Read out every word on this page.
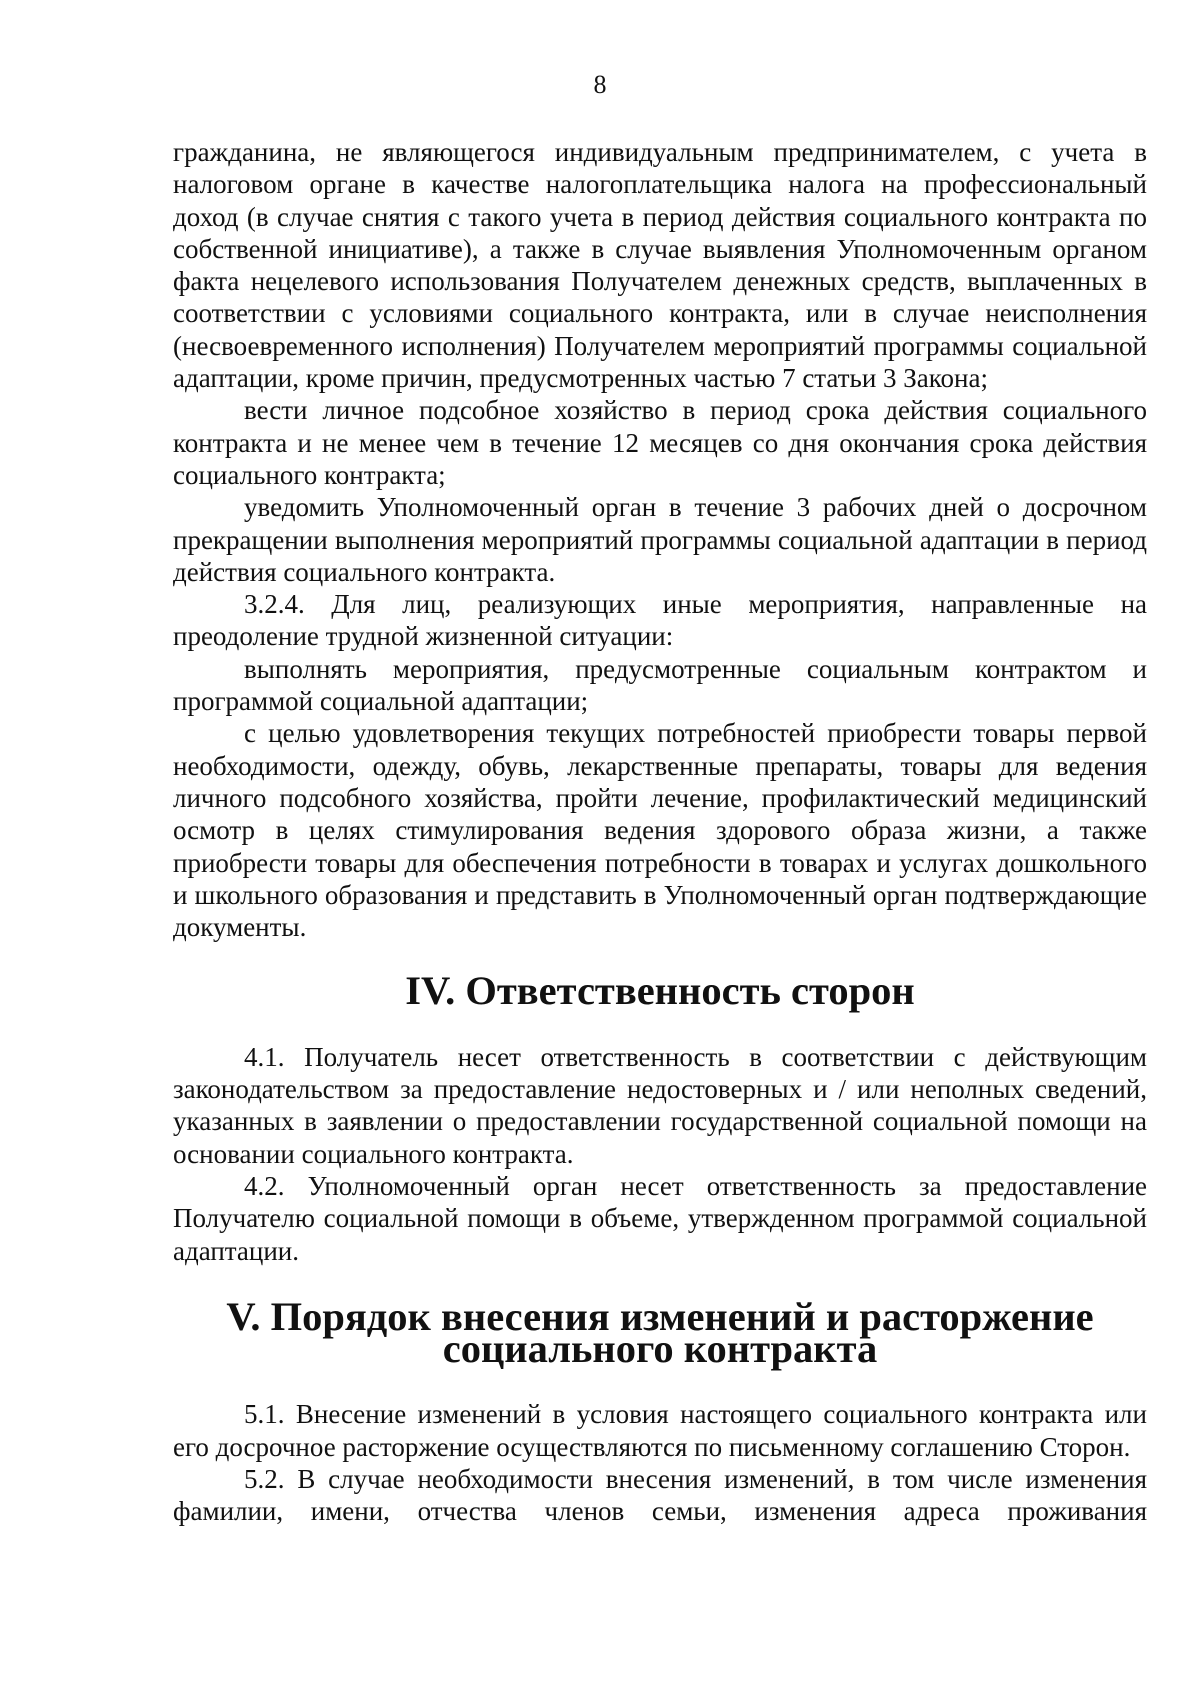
8

гражданина, не являющегося индивидуальным предпринимателем, с учета в налоговом органе в качестве налогоплательщика налога на профессиональный доход (в случае снятия с такого учета в период действия социального контракта по собственной инициативе), а также в случае выявления Уполномоченным органом факта нецелевого использования Получателем денежных средств, выплаченных в соответствии с условиями социального контракта, или в случае неисполнения (несвоевременного исполнения) Получателем мероприятий программы социальной адаптации, кроме причин, предусмотренных частью 7 статьи 3 Закона;

вести личное подсобное хозяйство в период срока действия социального контракта и не менее чем в течение 12 месяцев со дня окончания срока действия социального контракта;

уведомить Уполномоченный орган в течение 3 рабочих дней о досрочном прекращении выполнения мероприятий программы социальной адаптации в период действия социального контракта.

3.2.4. Для лиц, реализующих иные мероприятия, направленные на преодоление трудной жизненной ситуации:

выполнять мероприятия, предусмотренные социальным контрактом и программой социальной адаптации;

с целью удовлетворения текущих потребностей приобрести товары первой необходимости, одежду, обувь, лекарственные препараты, товары для ведения личного подсобного хозяйства, пройти лечение, профилактический медицинский осмотр в целях стимулирования ведения здорового образа жизни, а также приобрести товары для обеспечения потребности в товарах и услугах дошкольного и школьного образования и представить в Уполномоченный орган подтверждающие документы.

IV. Ответственность сторон

4.1. Получатель несет ответственность в соответствии с действующим законодательством за предоставление недостоверных и / или неполных сведений, указанных в заявлении о предоставлении государственной социальной помощи на основании социального контракта.

4.2. Уполномоченный орган несет ответственность за предоставление Получателю социальной помощи в объеме, утвержденном программой социальной адаптации.

V. Порядок внесения изменений и расторжение социального контракта

5.1. Внесение изменений в условия настоящего социального контракта или его досрочное расторжение осуществляются по письменному соглашению Сторон.

5.2. В случае необходимости внесения изменений, в том числе изменения фамилии, имени, отчества членов семьи, изменения адреса проживания
